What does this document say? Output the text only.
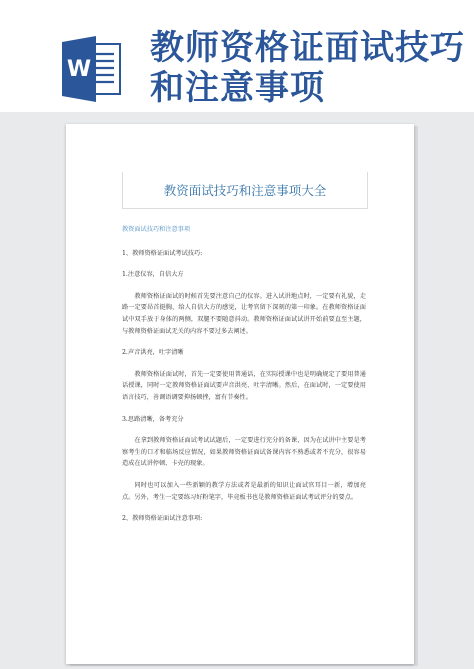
W
教师资格证面试技巧和注意事项
教资面试技巧和注意事项大全

教资面试技巧和注意事项

1、教师资格证面试考试技巧:

1.注意仪容，自信大方

教师资格证面试的时候首先要注意自己的仪容。进入试讲地点时，一定要有礼貌，走路一定要昂首挺胸，给人自信大方的感觉，让考官留下深刻的第一印象。在教师资格证面试中双手放于身体的两侧，双腿不要随意抖动。教师资格证面试试讲开始前要直至主题，与教师资格证面试无关的内容不要过多去阐述。

2.声音洪亮，吐字清晰

教师资格证面试时，首先一定要使用普通话，在实际授课中也是明确规定了要用普通话授课，同时一定教师资格证面试要声音洪亮、吐字清晰。然后，在面试时，一定要使用语言技巧，善调语调要抑扬顿挫，富有节奏性。

3.思路清晰，备考充分

在拿到教师资格证面试考试试题后，一定要进行充分的备课，因为在试讲中主要是考察考生的口才和临场反应情况，如果教师资格证面试备课内容不熟悉或者不充分，很容易造成在试讲停顿、卡壳的现象。

同时也可以加入一些新颖的教学方法或者是最新的知识让面试官耳目一新，增加亮点。另外，考生一定要练习好粉笔字，毕竟板书也是教师资格证面试考试评分的要点。

2、教师资格证面试注意事项:
